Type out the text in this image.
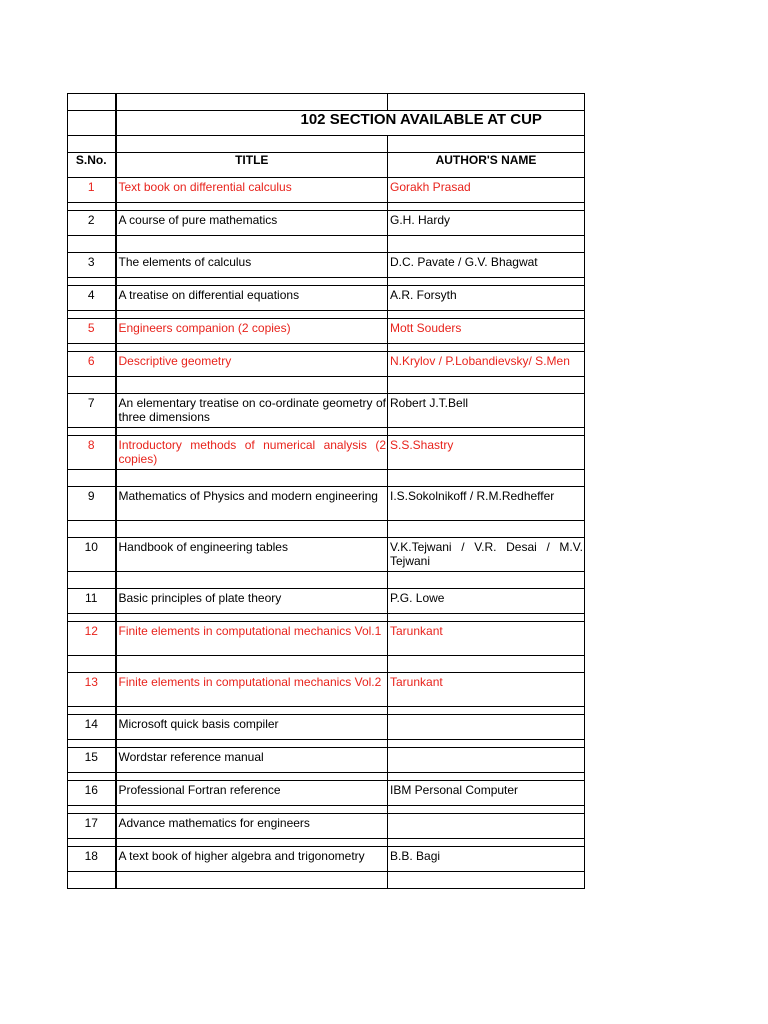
	102 SECTION AVAILABLE AT CUP	

S.No.	TITLE	AUTHOR'S NAME
1	Text book on differential calculus	Gorakh Prasad

2	A course of pure mathematics	G.H. Hardy

3	The elements of calculus	D.C. Pavate / G.V. Bhagwat

4	A treatise on differential equations	A.R. Forsyth

5	Engineers companion (2 copies)	Mott Souders

6	Descriptive geometry	N.Krylov / P.Lobandievsky/ S.Men

7	An elementary treatise on co-ordinate geometry of three dimensions	Robert J.T.Bell

8	Introductory methods of numerical analysis (2 copies)	S.S.Shastry

9	Mathematics of Physics and modern engineering	I.S.Sokolnikoff / R.M.Redheffer

10	Handbook of engineering tables	V.K.Tejwani / V.R. Desai / M.V. Tejwani

11	Basic principles of plate theory	P.G. Lowe

12	Finite elements in computational mechanics Vol.1	Tarunkant

13	Finite elements in computational mechanics Vol.2	Tarunkant

14	Microsoft quick basis compiler	

15	Wordstar reference manual	

16	Professional Fortran reference	IBM Personal Computer

17	Advance mathematics for engineers	

18	A text book of higher algebra and trigonometry	B.B. Bagi
